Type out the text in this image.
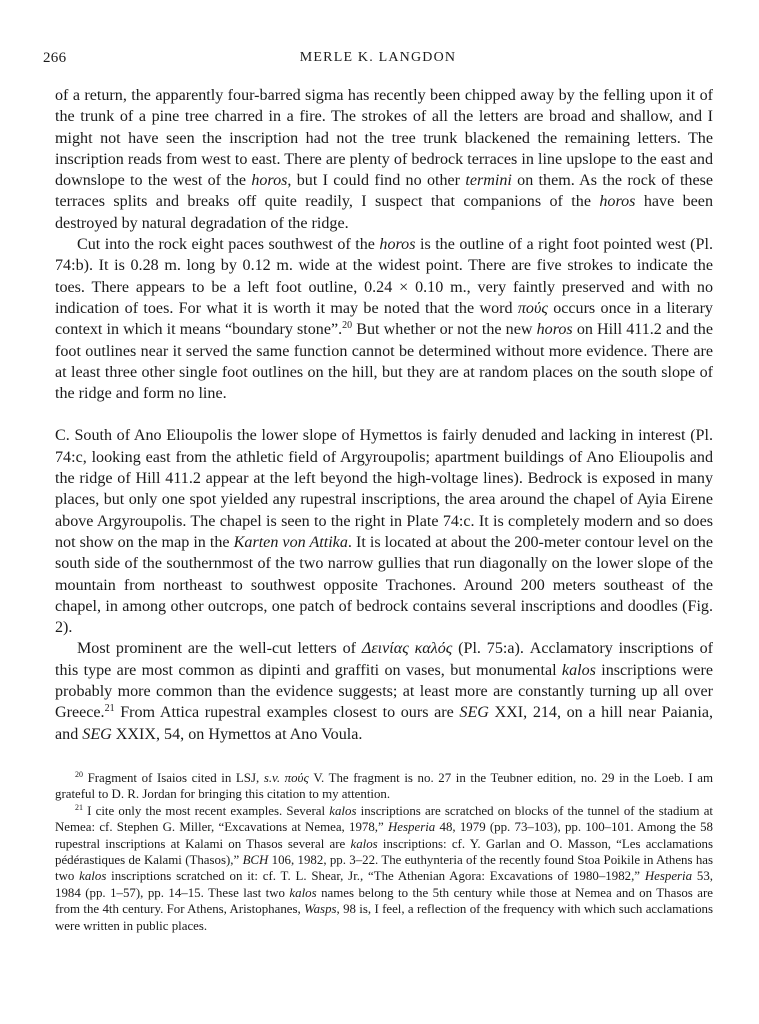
266	MERLE K. LANGDON

of a return, the apparently four-barred sigma has recently been chipped away by the felling upon it of the trunk of a pine tree charred in a fire. The strokes of all the letters are broad and shallow, and I might not have seen the inscription had not the tree trunk blackened the remaining letters. The inscription reads from west to east. There are plenty of bedrock terraces in line upslope to the east and downslope to the west of the horos, but I could find no other termini on them. As the rock of these terraces splits and breaks off quite readily, I suspect that companions of the horos have been destroyed by natural degradation of the ridge.

Cut into the rock eight paces southwest of the horos is the outline of a right foot pointed west (Pl. 74:b). It is 0.28 m. long by 0.12 m. wide at the widest point. There are five strokes to indicate the toes. There appears to be a left foot outline, 0.24 × 0.10 m., very faintly preserved and with no indication of toes. For what it is worth it may be noted that the word πούς occurs once in a literary context in which it means “boundary stone”.$^{20}$ But whether or not the new horos on Hill 411.2 and the foot outlines near it served the same function cannot be determined without more evidence. There are at least three other single foot outlines on the hill, but they are at random places on the south slope of the ridge and form no line.

C. South of Ano Elioupolis the lower slope of Hymettos is fairly denuded and lacking in interest (Pl. 74:c, looking east from the athletic field of Argyroupolis; apartment buildings of Ano Elioupolis and the ridge of Hill 411.2 appear at the left beyond the high-voltage lines). Bedrock is exposed in many places, but only one spot yielded any rupestral inscriptions, the area around the chapel of Ayia Eirene above Argyroupolis. The chapel is seen to the right in Plate 74:c. It is completely modern and so does not show on the map in the Karten von Attika. It is located at about the 200-meter contour level on the south side of the southernmost of the two narrow gullies that run diagonally on the lower slope of the mountain from northeast to southwest opposite Trachones. Around 200 meters southeast of the chapel, in among other outcrops, one patch of bedrock contains several inscriptions and doodles (Fig. 2).

Most prominent are the well-cut letters of Δεινίας καλός (Pl. 75:a). Acclamatory inscriptions of this type are most common as dipinti and graffiti on vases, but monumental kalos inscriptions were probably more common than the evidence suggests; at least more are constantly turning up all over Greece.$^{21}$ From Attica rupestral examples closest to ours are SEG XXI, 214, on a hill near Paiania, and SEG XXIX, 54, on Hymettos at Ano Voula.

$^{20}$ Fragment of Isaios cited in LSJ, s.v. πούς V. The fragment is no. 27 in the Teubner edition, no. 29 in the Loeb. I am grateful to D. R. Jordan for bringing this citation to my attention.

$^{21}$ I cite only the most recent examples. Several kalos inscriptions are scratched on blocks of the tunnel of the stadium at Nemea: cf. Stephen G. Miller, “Excavations at Nemea, 1978,” Hesperia 48, 1979 (pp. 73–103), pp. 100–101. Among the 58 rupestral inscriptions at Kalami on Thasos several are kalos inscriptions: cf. Y. Garlan and O. Masson, “Les acclamations pédérastiques de Kalami (Thasos),” BCH 106, 1982, pp. 3–22. The euthynteria of the recently found Stoa Poikile in Athens has two kalos inscriptions scratched on it: cf. T. L. Shear, Jr., “The Athenian Agora: Excavations of 1980–1982,” Hesperia 53, 1984 (pp. 1–57), pp. 14–15. These last two kalos names belong to the 5th century while those at Nemea and on Thasos are from the 4th century. For Athens, Aristophanes, Wasps, 98 is, I feel, a reflection of the frequency with which such acclamations were written in public places.
